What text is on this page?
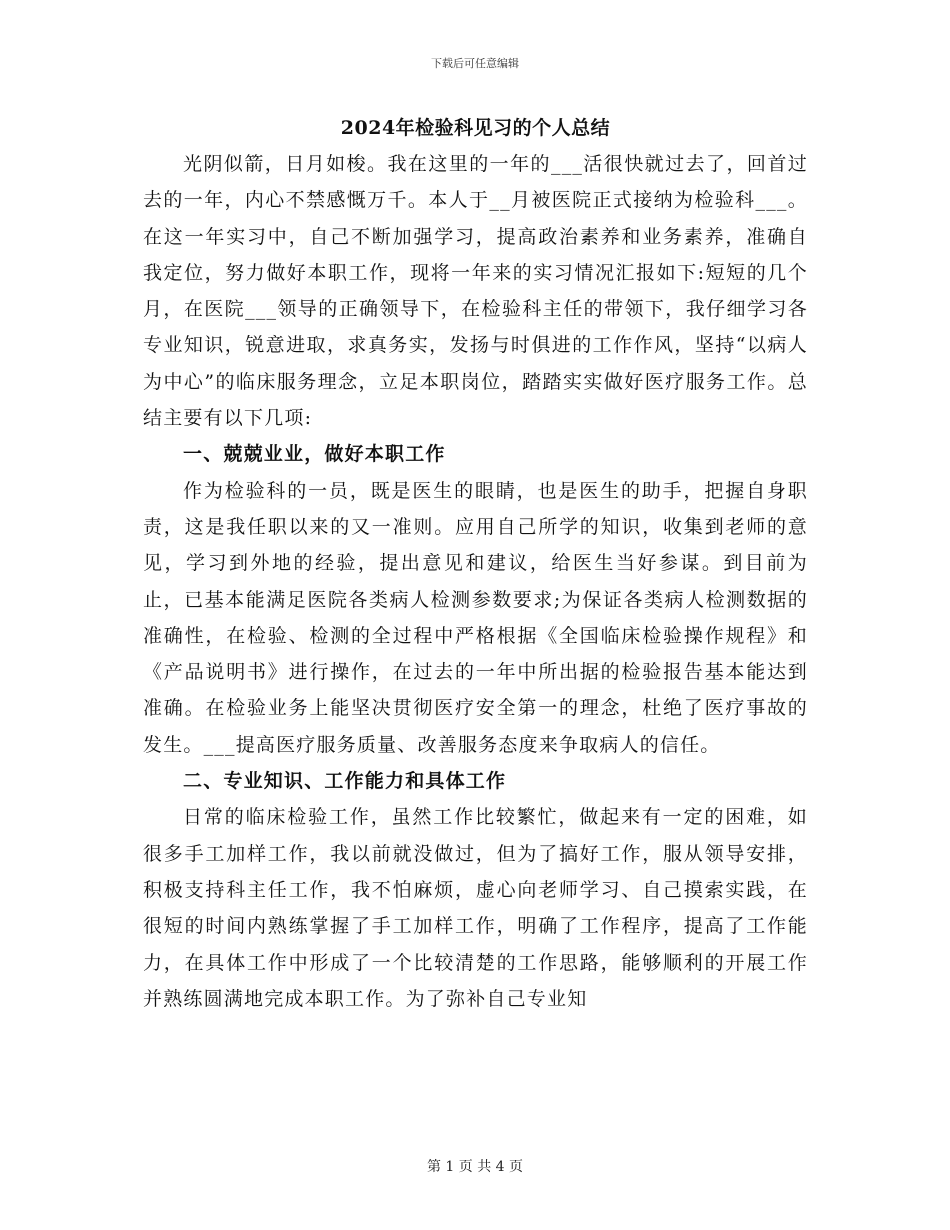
下载后可任意编辑
2024年检验科见习的个人总结

光阴似箭，日月如梭。我在这里的一年的___活很快就过去了，回首过去的一年，内心不禁感慨万千。本人于__月被医院正式接纳为检验科___。在这一年实习中，自己不断加强学习，提高政治素养和业务素养，准确自我定位，努力做好本职工作，现将一年来的实习情况汇报如下:短短的几个月，在医院___领导的正确领导下，在检验科主任的带领下，我仔细学习各专业知识，锐意进取，求真务实，发扬与时俱进的工作作风，坚持“以病人为中心”的临床服务理念，立足本职岗位，踏踏实实做好医疗服务工作。总结主要有以下几项:

一、兢兢业业，做好本职工作

作为检验科的一员，既是医生的眼睛，也是医生的助手，把握自身职责，这是我任职以来的又一准则。应用自己所学的知识，收集到老师的意见，学习到外地的经验，提出意见和建议，给医生当好参谋。到目前为止，已基本能满足医院各类病人检测参数要求;为保证各类病人检测数据的准确性，在检验、检测的全过程中严格根据《全国临床检验操作规程》和《产品说明书》进行操作，在过去的一年中所出据的检验报告基本能达到准确。在检验业务上能坚决贯彻医疗安全第一的理念，杜绝了医疗事故的发生。___提高医疗服务质量、改善服务态度来争取病人的信任。

二、专业知识、工作能力和具体工作

日常的临床检验工作，虽然工作比较繁忙，做起来有一定的困难，如很多手工加样工作，我以前就没做过，但为了搞好工作，服从领导安排，积极支持科主任工作，我不怕麻烦，虚心向老师学习、自己摸索实践，在很短的时间内熟练掌握了手工加样工作，明确了工作程序，提高了工作能力，在具体工作中形成了一个比较清楚的工作思路，能够顺利的开展工作并熟练圆满地完成本职工作。为了弥补自己专业知

第 1 页 共 4 页
